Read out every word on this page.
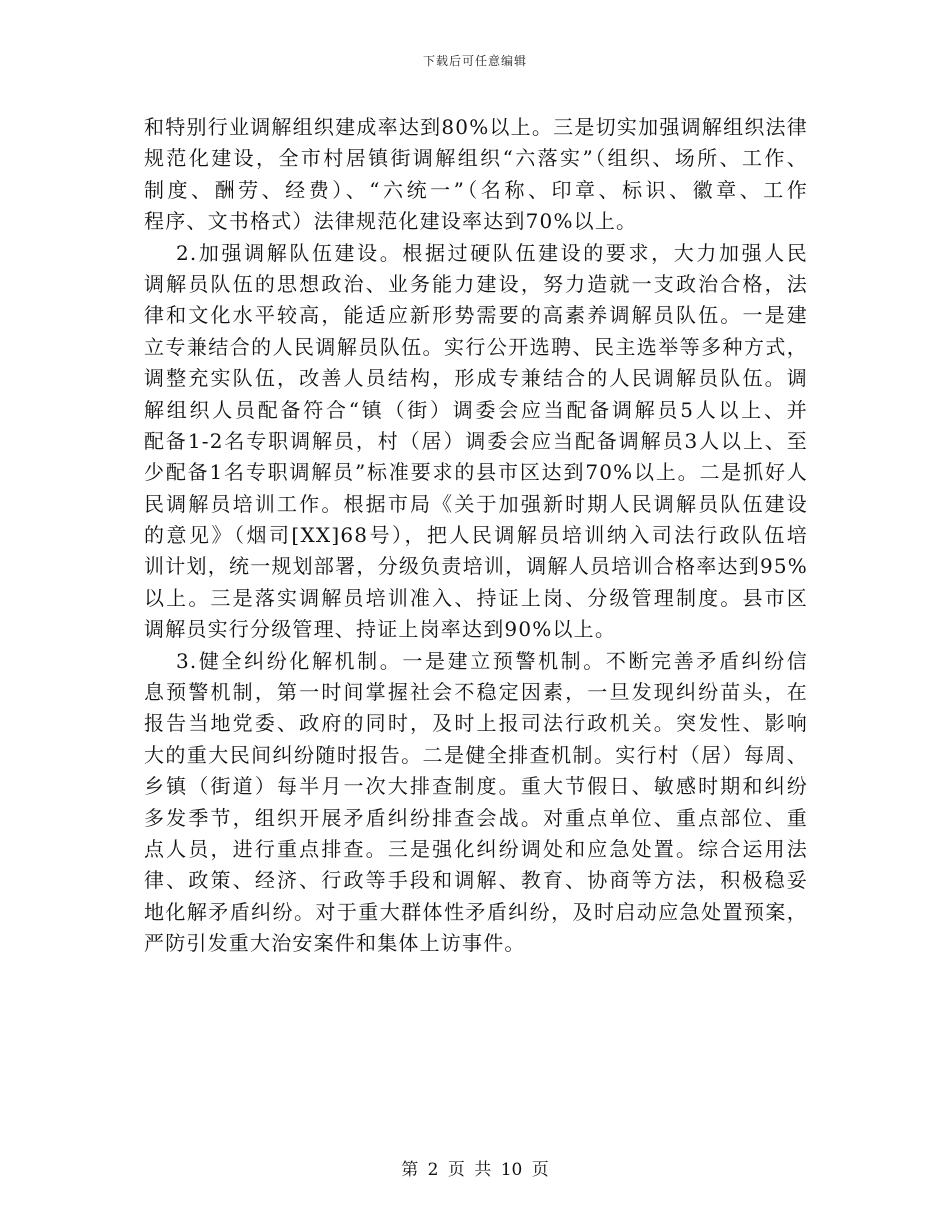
下载后可任意编辑
和特别行业调解组织建成率达到80%以上。三是切实加强调解组织法律
规范化建设，全市村居镇街调解组织“六落实”（组织、场所、工作、
制度、酬劳、经费）、“六统一”（名称、印章、标识、徽章、工作
程序、文书格式）法律规范化建设率达到70%以上。
2.加强调解队伍建设。根据过硬队伍建设的要求，大力加强人民
调解员队伍的思想政治、业务能力建设，努力造就一支政治合格，法
律和文化水平较高，能适应新形势需要的高素养调解员队伍。一是建
立专兼结合的人民调解员队伍。实行公开选聘、民主选举等多种方式，
调整充实队伍，改善人员结构，形成专兼结合的人民调解员队伍。调
解组织人员配备符合“镇（街）调委会应当配备调解员5人以上、并
配备1-2名专职调解员，村（居）调委会应当配备调解员3人以上、至
少配备1名专职调解员”标准要求的县市区达到70%以上。二是抓好人
民调解员培训工作。根据市局《关于加强新时期人民调解员队伍建设
的意见》（烟司[XX]68号），把人民调解员培训纳入司法行政队伍培
训计划，统一规划部署，分级负责培训，调解人员培训合格率达到95%
以上。三是落实调解员培训准入、持证上岗、分级管理制度。县市区
调解员实行分级管理、持证上岗率达到90%以上。
3.健全纠纷化解机制。一是建立预警机制。不断完善矛盾纠纷信
息预警机制，第一时间掌握社会不稳定因素，一旦发现纠纷苗头，在
报告当地党委、政府的同时，及时上报司法行政机关。突发性、影响
大的重大民间纠纷随时报告。二是健全排查机制。实行村（居）每周、
乡镇（街道）每半月一次大排查制度。重大节假日、敏感时期和纠纷
多发季节，组织开展矛盾纠纷排查会战。对重点单位、重点部位、重
点人员，进行重点排查。三是强化纠纷调处和应急处置。综合运用法
律、政策、经济、行政等手段和调解、教育、协商等方法，积极稳妥
地化解矛盾纠纷。对于重大群体性矛盾纠纷，及时启动应急处置预案，
严防引发重大治安案件和集体上访事件。
第 2 页 共 10 页
